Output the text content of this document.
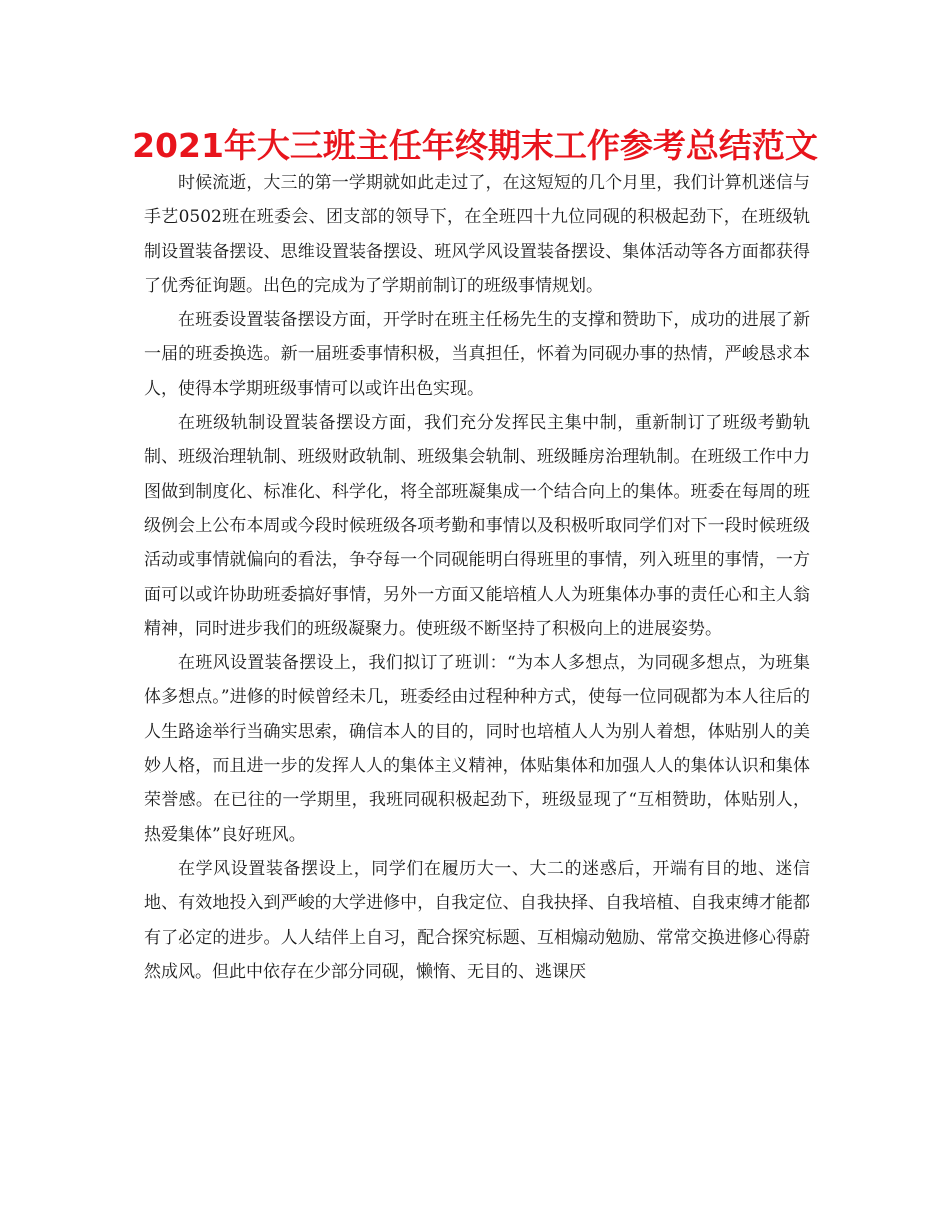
2021年大三班主任年终期末工作参考总结范文

时候流逝，大三的第一学期就如此走过了，在这短短的几个月里，我们计算机迷信与手艺0502班在班委会、团支部的领导下，在全班四十九位同砚的积极起劲下，在班级轨制设置装备摆设、思维设置装备摆设、班风学风设置装备摆设、集体活动等各方面都获得了优秀征询题。出色的完成为了学期前制订的班级事情规划。

在班委设置装备摆设方面，开学时在班主任杨先生的支撑和赞助下，成功的进展了新一届的班委换选。新一届班委事情积极，当真担任，怀着为同砚办事的热情，严峻恳求本人，使得本学期班级事情可以或许出色实现。

在班级轨制设置装备摆设方面，我们充分发挥民主集中制，重新制订了班级考勤轨制、班级治理轨制、班级财政轨制、班级集会轨制、班级睡房治理轨制。在班级工作中力图做到制度化、标准化、科学化，将全部班凝集成一个结合向上的集体。班委在每周的班级例会上公布本周或今段时候班级各项考勤和事情以及积极听取同学们对下一段时候班级活动或事情就偏向的看法，争夺每一个同砚能明白得班里的事情，列入班里的事情，一方面可以或许协助班委搞好事情，另外一方面又能培植人人为班集体办事的责任心和主人翁精神，同时进步我们的班级凝聚力。使班级不断坚持了积极向上的进展姿势。

在班风设置装备摆设上，我们拟订了班训：“为本人多想点，为同砚多想点，为班集体多想点。”进修的时候曾经未几，班委经由过程种种方式，使每一位同砚都为本人往后的人生路途举行当确实思索，确信本人的目的，同时也培植人人为别人着想，体贴别人的美妙人格，而且进一步的发挥人人的集体主义精神，体贴集体和加强人人的集体认识和集体荣誉感。在已往的一学期里，我班同砚积极起劲下，班级显现了“互相赞助，体贴别人，热爱集体”良好班风。

在学风设置装备摆设上，同学们在履历大一、大二的迷惑后，开端有目的地、迷信地、有效地投入到严峻的大学进修中，自我定位、自我抉择、自我培植、自我束缚才能都有了必定的进步。人人结伴上自习，配合探究标题、互相煽动勉励、常常交换进修心得蔚然成风。但此中依存在少部分同砚，懒惰、无目的、逃课厌
